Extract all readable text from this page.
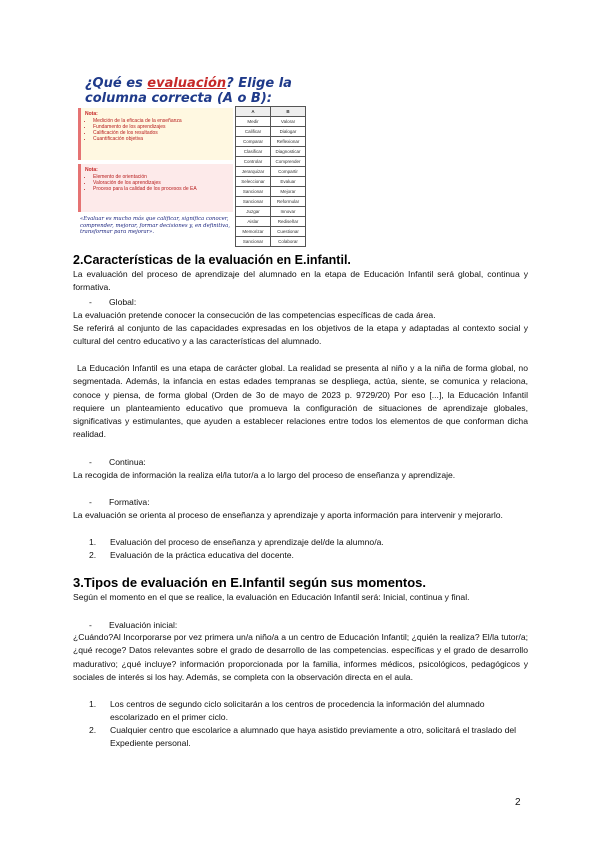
¿Qué es evaluación? Elige la columna correcta (A o B):

Nota:
• Medición de la eficacia de la enseñanza
• Fundamento de los aprendizajes
• Calificación de los resultados
• Cuantificación objetiva
Nota:
• Elemento de orientación
• Valoración de los aprendizajes
• Proceso para la calidad de los procesos de EA
«Evaluar es mucho más que calificar, significa conocer, comprender, mejorar, formar decisiones y, en definitiva, transformar para mejorar».
A	B
Medir	Valorar
Calificar	Dialogar
Comparar	Reflexionar
Clasificar	Diagnosticar
Controlar	Comprender
Jerarquizar	Compartir
Seleccionar	Evaluar
Sancionar	Mejorar
Sancionar	Reformular
Juzgar	Innovar
Aislar	Rediseñar
Memorizar	Cuestionar
Sancionar	Colaborar
2.Características de la evaluación en E.infantil.

La evaluación del proceso de aprendizaje del alumnado en la etapa de Educación Infantil será global, continua y formativa.

- Global:

La evaluación pretende conocer la consecución de las competencias específicas de cada área.

Se referirá al conjunto de las capacidades expresadas en los objetivos de la etapa y adaptadas al contexto social y cultural del centro educativo y a las características del alumnado.

La Educación Infantil es una etapa de carácter global. La realidad se presenta al niño y a la niña de forma global, no segmentada. Además, la infancia en estas edades tempranas se despliega, actúa, siente, se comunica y relaciona, conoce y piensa, de forma global (Orden de 3o de mayo de 2023 p. 9729/20) Por eso [...], la Educación Infantil requiere un planteamiento educativo que promueva la configuración de situaciones de aprendizaje globales, significativas y estimulantes, que ayuden a establecer relaciones entre todos los elementos de que conforman dicha realidad.

- Continua:

La recogida de información la realiza el/la tutor/a a lo largo del proceso de enseñanza y aprendizaje.

- Formativa:

La evaluación se orienta al proceso de enseñanza y aprendizaje y aporta información para intervenir y mejorarlo.

1. Evaluación del proceso de enseñanza y aprendizaje del/de la alumno/a.
2. Evaluación de la práctica educativa del docente.
3.Tipos de evaluación en E.Infantil según sus momentos.

Según el momento en el que se realice, la evaluación en Educación Infantil será: Inicial, continua y final.

- Evaluación inicial:

¿Cuándo?Al Incorporarse por vez primera un/a niño/a a un centro de Educación Infantil; ¿quién la realiza? El/la tutor/a; ¿qué recoge? Datos relevantes sobre el grado de desarrollo de las competencias. específicas y el grado de desarrollo madurativo; ¿qué incluye? información proporcionada por la familia, informes médicos, psicológicos, pedagógicos y sociales de interés si los hay. Además, se completa con la observación directa en el aula.

1. Los centros de segundo ciclo solicitarán a los centros de procedencia la información del alumnado escolarizado en el primer ciclo.
2. Cualquier centro que escolarice a alumnado que haya asistido previamente a otro, solicitará el traslado del Expediente personal.
2
